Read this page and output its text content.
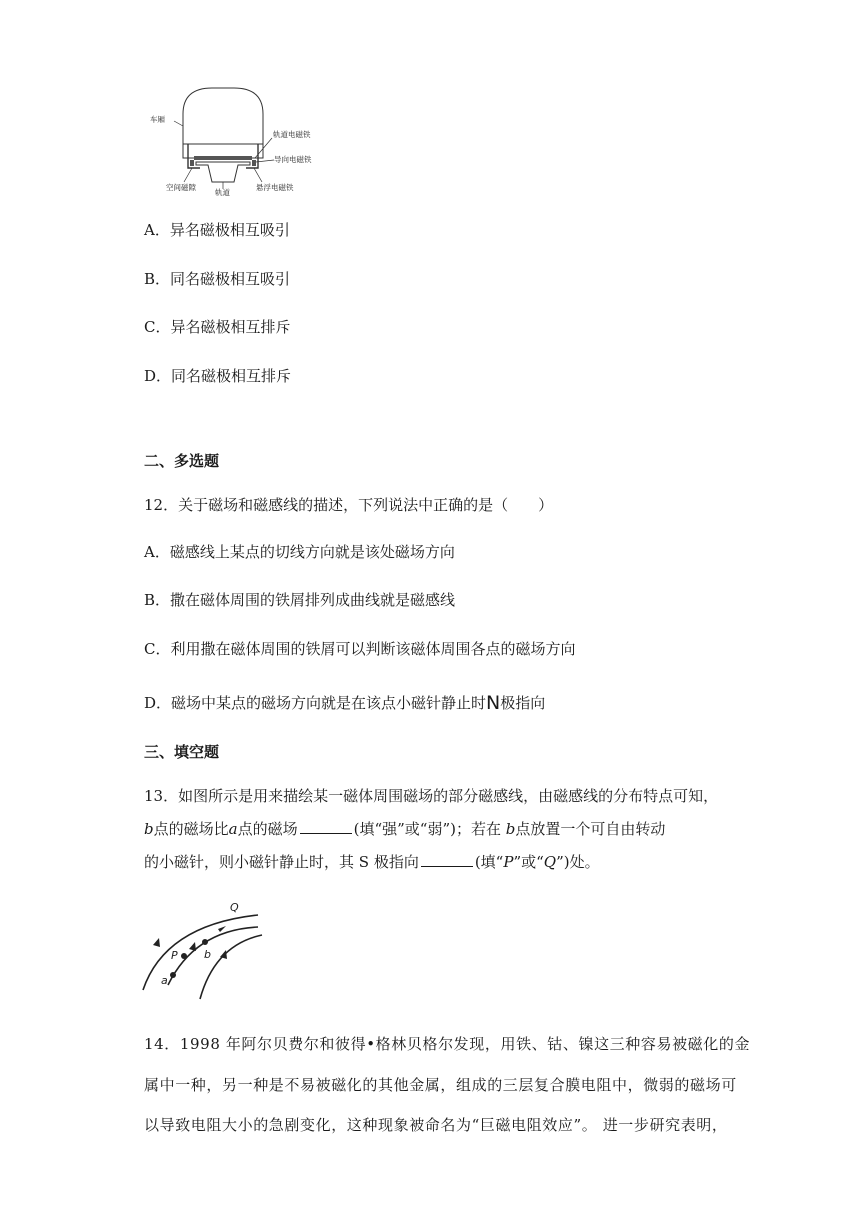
车厢
轨道电磁铁
导向电磁铁
空间磁隙
轨道
悬浮电磁铁
A．异名磁极相互吸引
B．同名磁极相互吸引
C．异名磁极相互排斥
D．同名磁极相互排斥
二、多选题
12．关于磁场和磁感线的描述，下列说法中正确的是（　　）
A．磁感线上某点的切线方向就是该处磁场方向
B．撒在磁体周围的铁屑排列成曲线就是磁感线
C．利用撒在磁体周围的铁屑可以判断该磁体周围各点的磁场方向
D．磁场中某点的磁场方向就是在该点小磁针静止时N极指向
三、填空题
13．如图所示是用来描绘某一磁体周围磁场的部分磁感线，由磁感线的分布特点可知，
b点的磁场比a点的磁场	(填“强”或“弱”)；若在 b点放置一个可自由转动
的小磁针，则小磁针静止时，其 S 极指向	(填“P”或“Q”)处。
Q
P b
a
14．1998 年阿尔贝费尔和彼得•格林贝格尔发现，用铁、钴、镍这三种容易被磁化的金
属中一种，另一种是不易被磁化的其他金属，组成的三层复合膜电阻中，微弱的磁场可
以导致电阻大小的急剧变化，这种现象被命名为“巨磁电阻效应”。 进一步研究表明，
